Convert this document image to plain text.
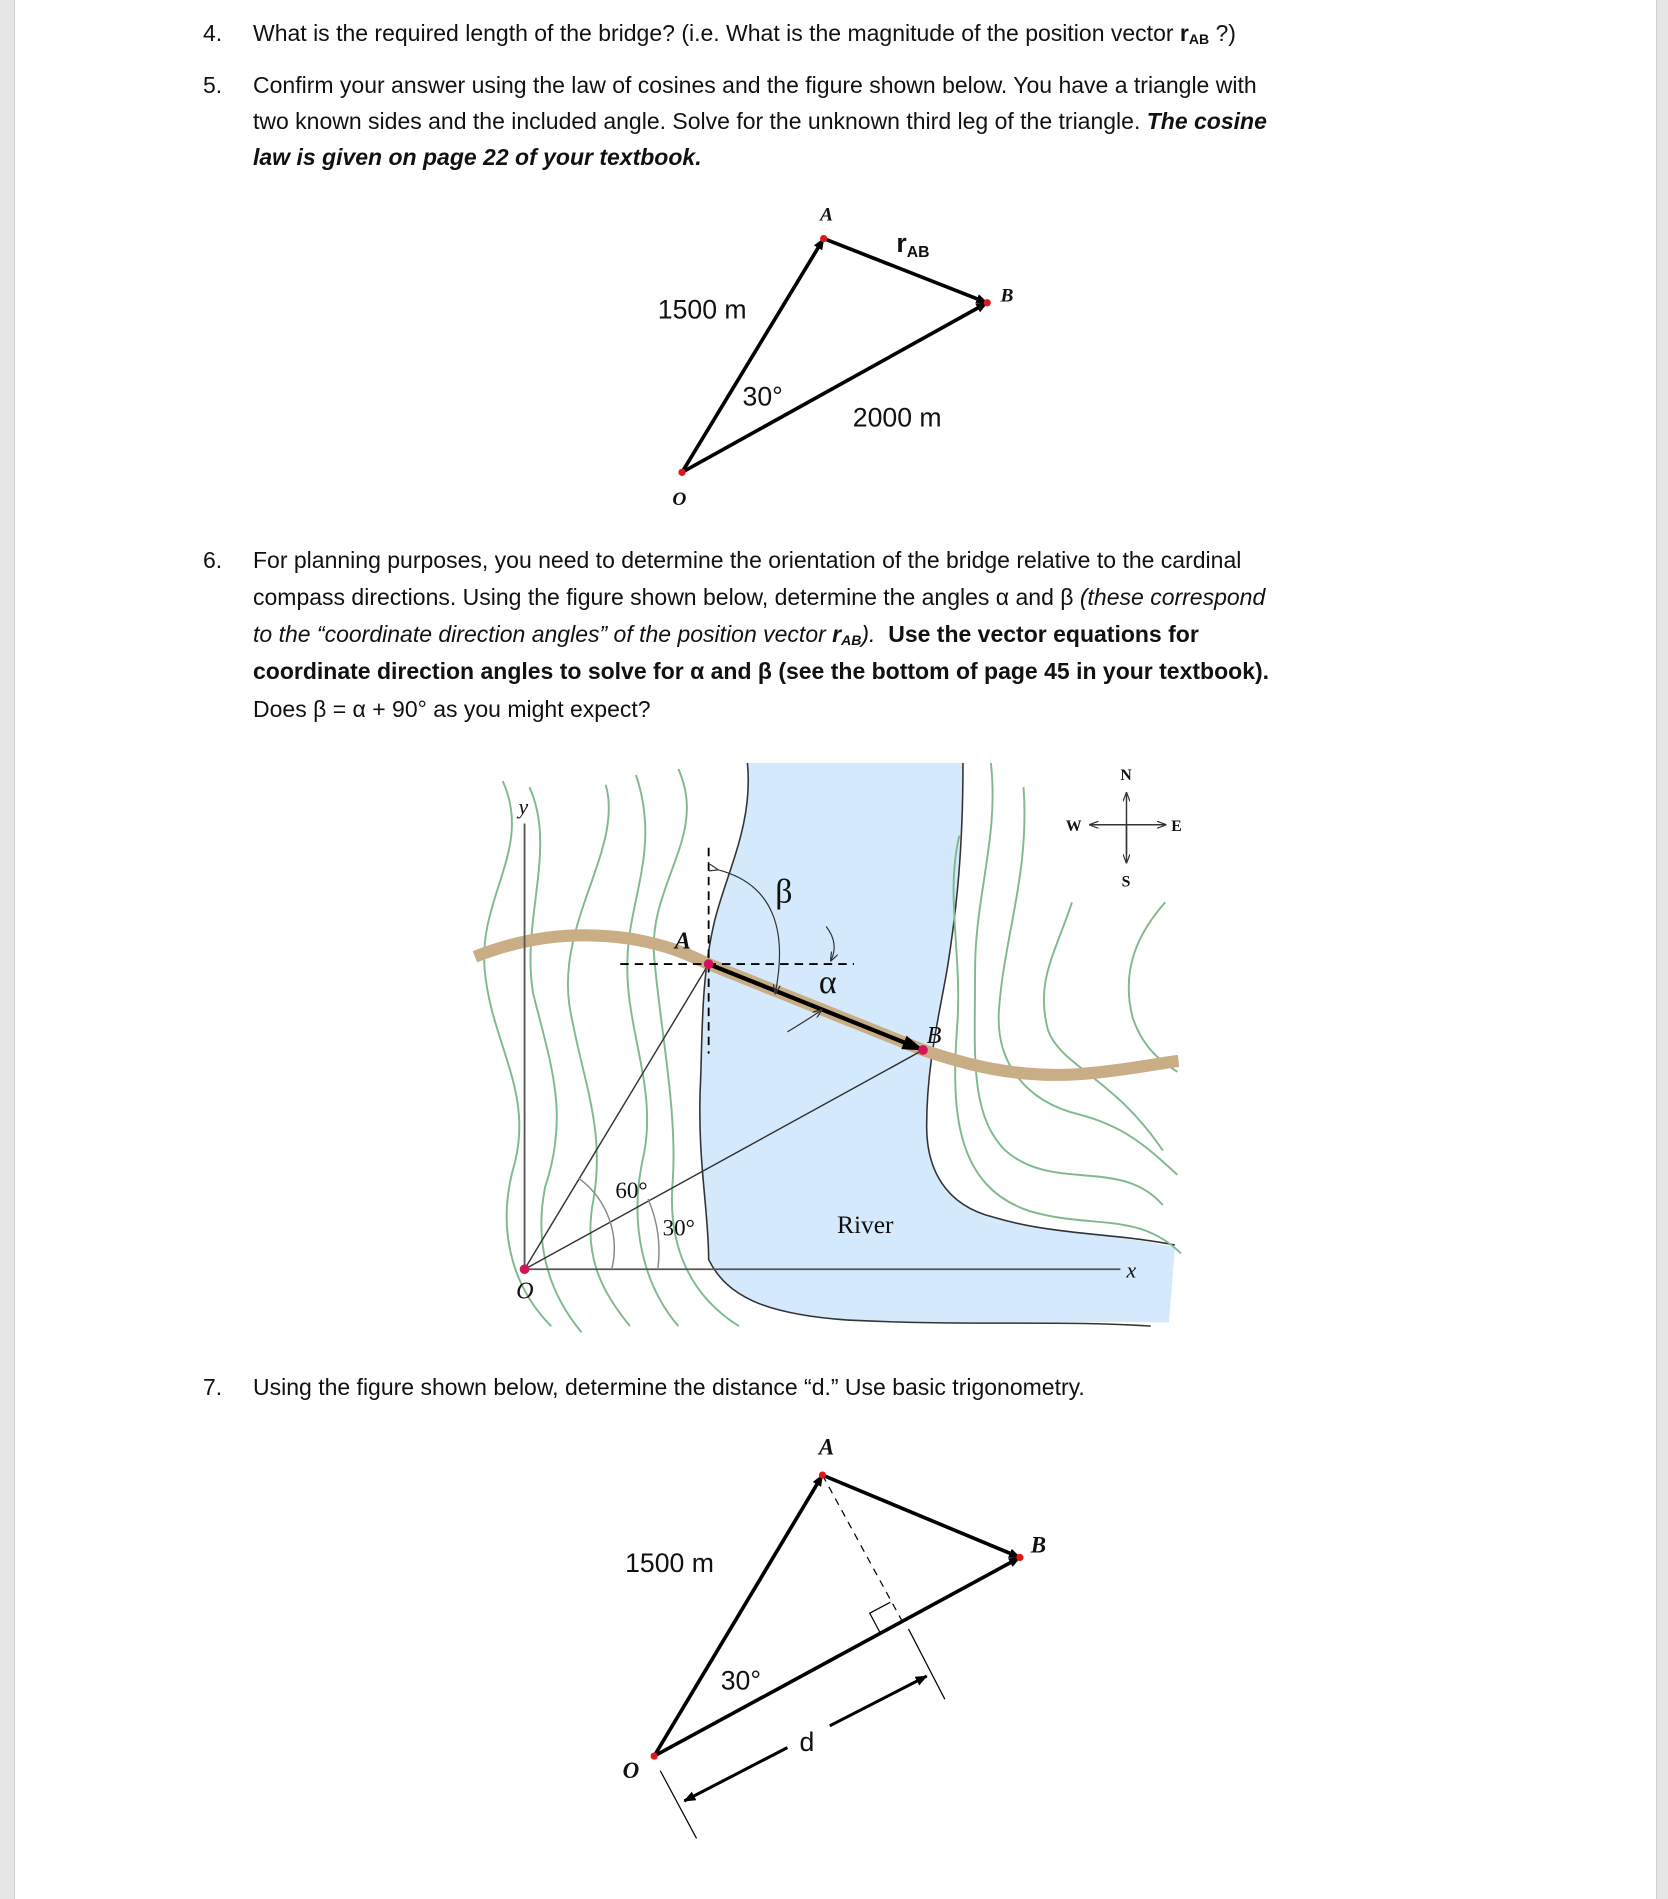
4. What is the required length of the bridge? (i.e. What is the magnitude of the position vector $r_{AB}$ ?)
5. Confirm your answer using the law of cosines and the figure shown below. You have a triangle with
two known sides and the included angle. Solve for the unknown third leg of the triangle. The cosine
law is given on page 22 of your textbook.
6. For planning purposes, you need to determine the orientation of the bridge relative to the cardinal
compass directions. Using the figure shown below, determine the angles α and β (these correspond
to the “coordinate direction angles” of the position vector $r_{AB}$). Use the vector equations for
coordinate direction angles to solve for α and β (see the bottom of page 45 in your textbook).
Does β = α + 90° as you might expect?
7. Using the figure shown below, determine the distance “d.” Use basic trigonometry.
A
B
O
rAB
1500 m
30°
2000 m
y
x
O
A
B
β
α
60°
30°	River
N
S
W	E
A
B
O
1500 m
30°
d
